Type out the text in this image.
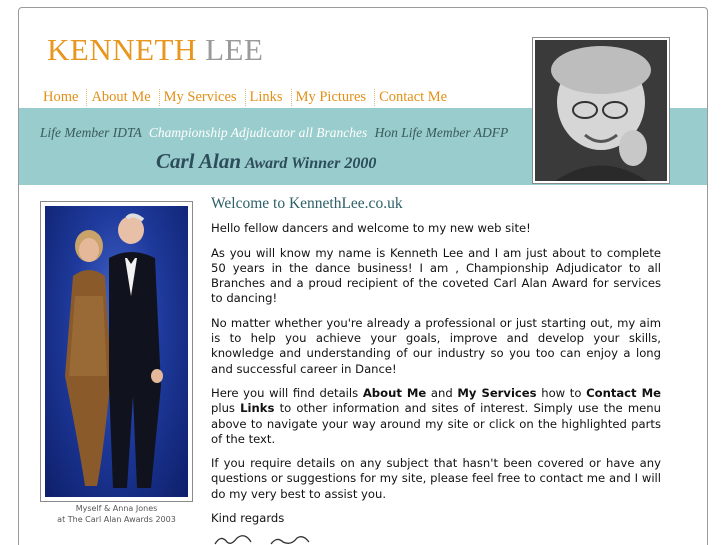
KENNETH LEE
Home About Me My Services Links My Pictures Contact Me
Life Member IDTA Championship Adjudicator all Branches Hon Life Member ADFP
Carl Alan Award Winner 2000
Myself & Anna Jones
at The Carl Alan Awards 2003
Welcome to KennethLee.co.uk

Hello fellow dancers and welcome to my new web site!

As you will know my name is Kenneth Lee and I am just about to complete 50 years in the dance business! I am , Championship Adjudicator to all Branches and a proud recipient of the coveted Carl Alan Award for services to dancing!

No matter whether you're already a professional or just starting out, my aim is to help you achieve your goals, improve and develop your skills, knowledge and understanding of our industry so you too can enjoy a long and successful career in Dance!

Here you will find details About Me and My Services how to Contact Me plus Links to other information and sites of interest. Simply use the menu above to navigate your way around my site or click on the highlighted parts of the text.

If you require details on any subject that hasn't been covered or have any questions or suggestions for my site, please feel free to contact me and I will do my very best to assist you.

Kind regards
